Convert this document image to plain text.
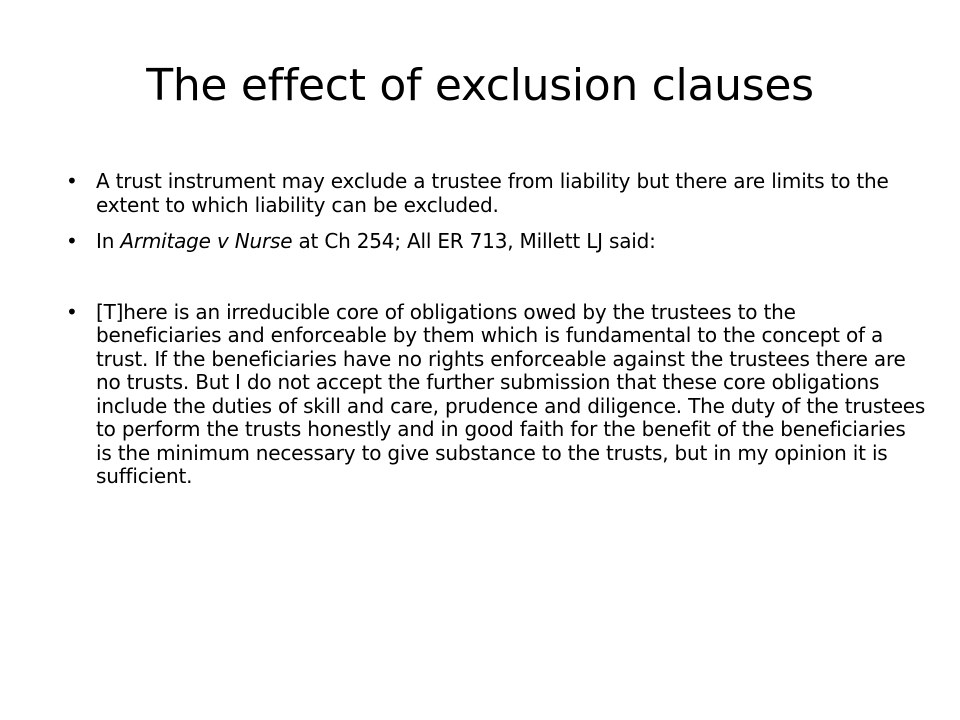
The effect of exclusion clauses
• A trust instrument may exclude a trustee from liability but there are limits to the extent to which liability can be excluded.
• In Armitage v Nurse at Ch 254; All ER 713, Millett LJ said:
• [T]here is an irreducible core of obligations owed by the trustees to the beneficiaries and enforceable by them which is fundamental to the concept of a trust. If the beneficiaries have no rights enforceable against the trustees there are no trusts. But I do not accept the further submission that these core obligations include the duties of skill and care, prudence and diligence. The duty of the trustees to perform the trusts honestly and in good faith for the benefit of the beneficiaries is the minimum necessary to give substance to the trusts, but in my opinion it is sufficient.
